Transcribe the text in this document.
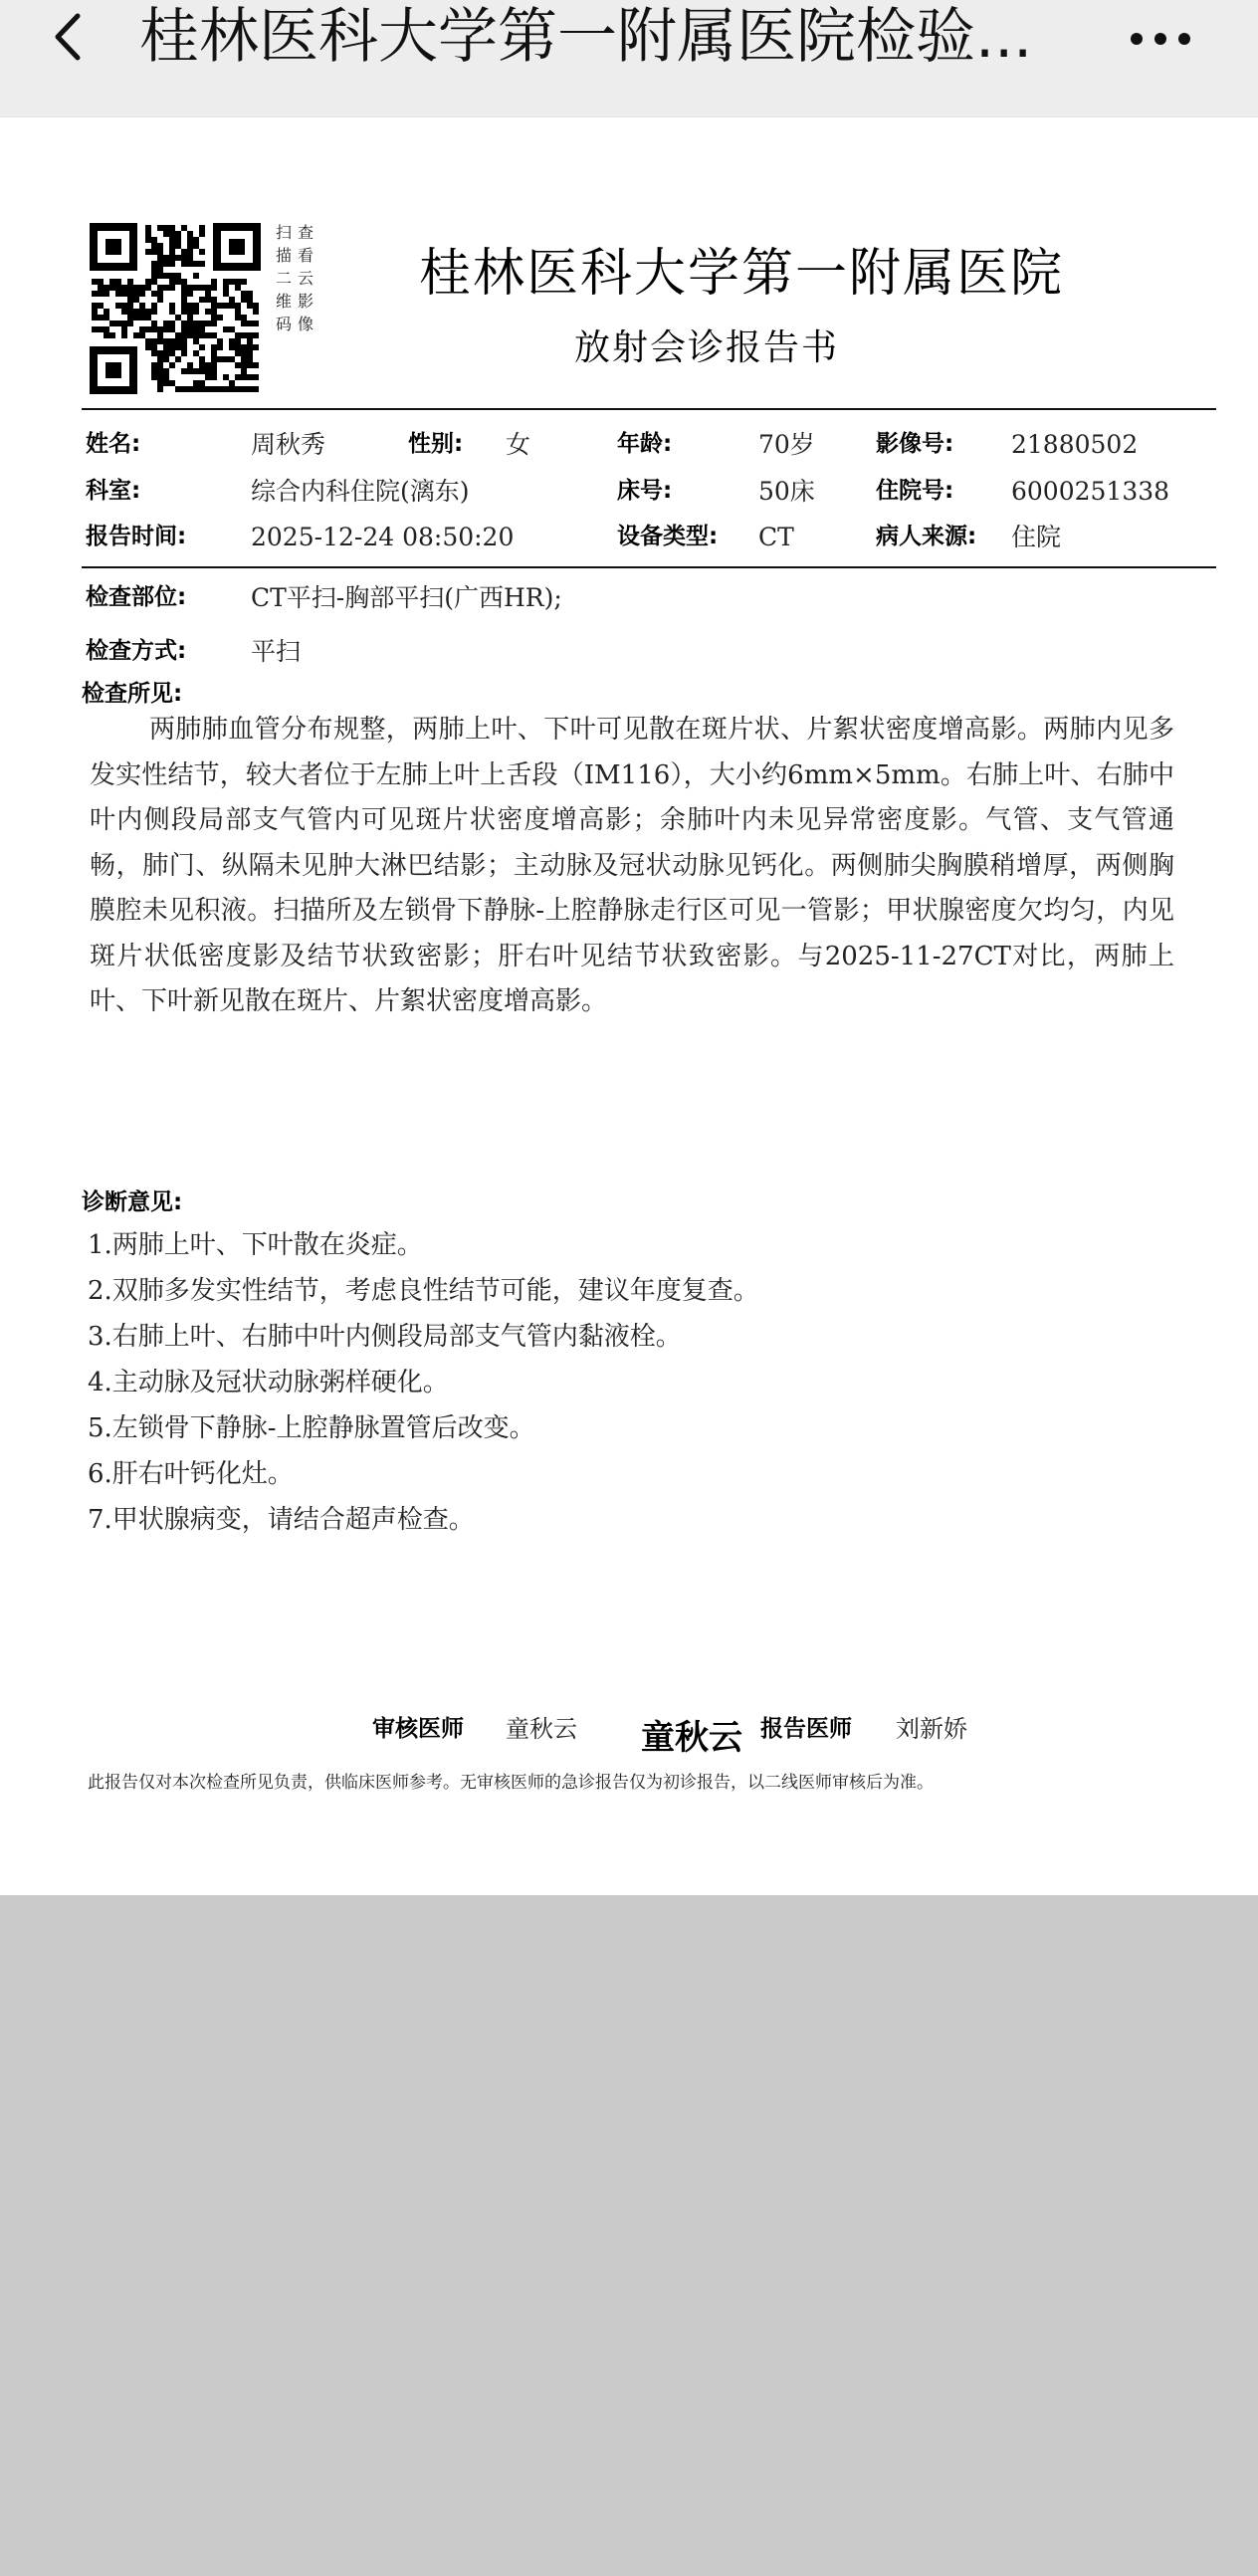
桂林医科大学第一附属医院检验...
扫描二维码
查看云影像
桂林医科大学第一附属医院
放射会诊报告书
姓名:	周秋秀	性别: 女	年龄:	70岁	影像号: 21880502
科室:	综合内科住院(漓东)	床号:	50床	住院号: 6000251338
报告时间:	2025-12-24 08:50:20	设备类型: CT	病人来源: 住院
检查部位:	CT平扫-胸部平扫(广西HR);
检查方式:	平扫
检查所见:
两肺肺血管分布规整，两肺上叶、下叶可见散在斑片状、片絮状密度增高影。两肺内见多发实性结节，较大者位于左肺上叶上舌段（IM116），大小约6mm×5mm。右肺上叶、右肺中叶内侧段局部支气管内可见斑片状密度增高影；余肺叶内未见异常密度影。气管、支气管通畅，肺门、纵隔未见肿大淋巴结影；主动脉及冠状动脉见钙化。两侧肺尖胸膜稍增厚，两侧胸膜腔未见积液。扫描所及左锁骨下静脉-上腔静脉走行区可见一管影；甲状腺密度欠均匀，内见斑片状低密度影及结节状致密影；肝右叶见结节状致密影。与2025-11-27CT对比，两肺上叶、下叶新见散在斑片、片絮状密度增高影。
诊断意见:
1.两肺上叶、下叶散在炎症。
2.双肺多发实性结节，考虑良性结节可能，建议年度复查。
3.右肺上叶、右肺中叶内侧段局部支气管内黏液栓。
4.主动脉及冠状动脉粥样硬化。
5.左锁骨下静脉-上腔静脉置管后改变。
6.肝右叶钙化灶。
7.甲状腺病变，请结合超声检查。
审核医师 童秋云 童秋云 报告医师 刘新娇
此报告仅对本次检查所见负责，供临床医师参考。无审核医师的急诊报告仅为初诊报告，以二线医师审核后为准。
